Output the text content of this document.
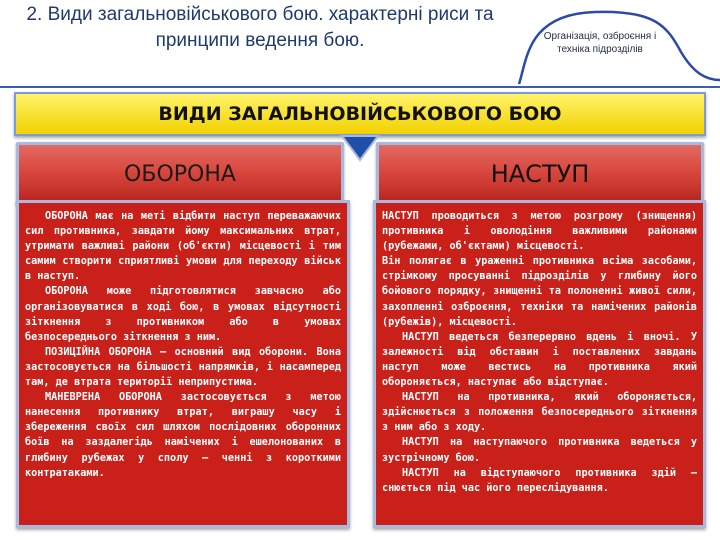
2. Види загальновійськового бою. характерні риси та принципи ведення бою.	Організація, озброєння і техніка підрозділів
ВИДИ ЗАГАЛЬНОВІЙСЬКОВОГО БОЮ
ОБОРОНА	НАСТУП

ОБОРОНА має на меті відбити наступ переважаючих сил противника, завдати йому максимальних втрат, утримати важливі райони (об'єкти) місцевості і тим самим створити сприятливі умови для переходу військ в наступ.

ОБОРОНА може підготовлятися завчасно або організовуватися в ході бою, в умовах відсутності зіткнення з противником або в умовах безпосереднього зіткнення з ним.

ПОЗИЦІЙНА ОБОРОНА – основний вид оборони. Вона застосовується на більшості напрямків, і насамперед там, де втрата території неприпустима.

МАНЕВРЕНА ОБОРОНА застосовується з метою нанесення противнику втрат, виграшу часу і збереження своїх сил шляхом послідовних оборонних боїв на заздалегідь намічених і ешелонованих в глибину рубежах у сполу – ченні з короткими контратаками.

НАСТУП проводиться з метою розгрому (знищення) противника і оволодіння важливими районами (рубежами, об'єктами) місцевості.

Він полягає в ураженні противника всіма засобами, стрімкому просуванні підрозділів у глибину його бойового порядку, знищенні та полоненні живої сили, захопленні озброєння, техніки та намічених районів (рубежів), місцевості.

НАСТУП ведеться безперервно вдень і вночі. У залежності від обставин і поставлених завдань наступ може вестись на противника який обороняється, наступає або відступає.

НАСТУП на противника, який обороняється, здійснюється з положення безпосереднього зіткнення з ним або з ходу.

НАСТУП на наступаючого противника ведеться у зустрічному бою.

НАСТУП на відступаючого противника здій – снюється під час його переслідування.
